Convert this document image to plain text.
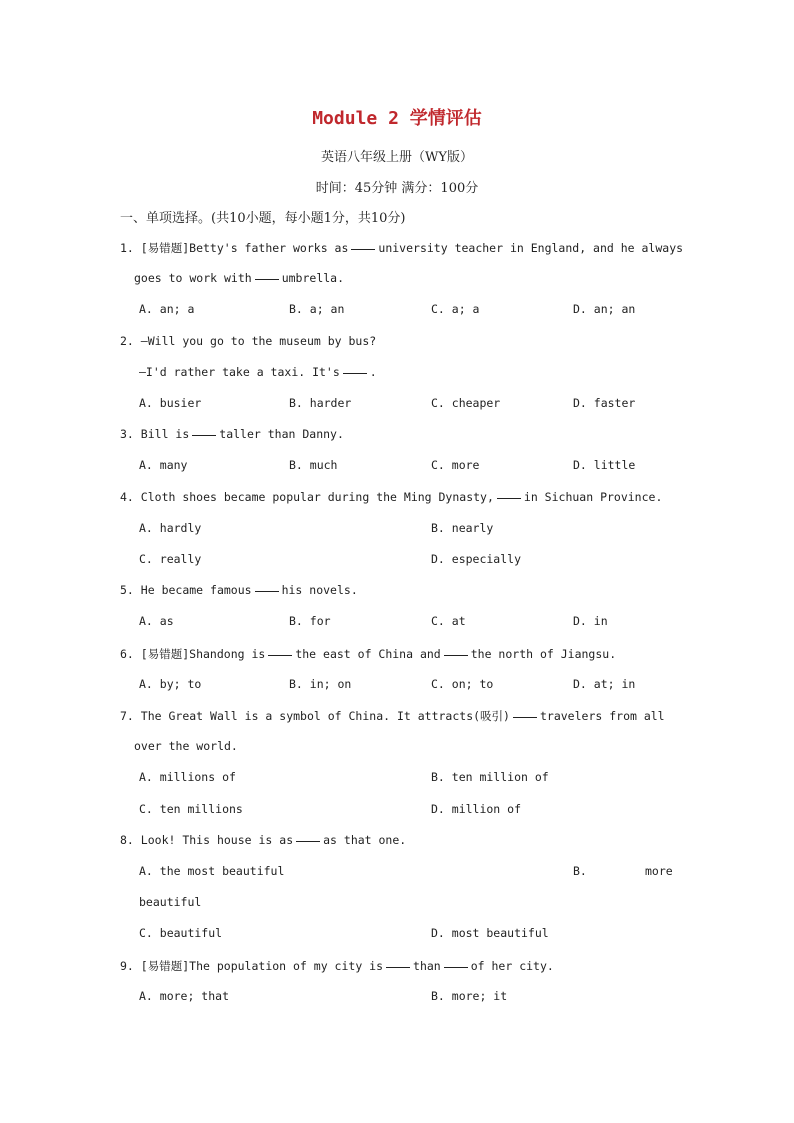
Module 2 学情评估
英语八年级上册（WY版）
时间：45分钟 满分：100分
一、单项选择。(共10小题，每小题1分，共10分)
1. [易错题]Betty's father works as	university teacher in England, and he always
goes to work with	umbrella.
A. an; a	B. a; an	C. a; a	D. an; an
2. —Will you go to the museum by bus?
—I'd rather take a taxi. It's	.
A. busier	B. harder	C. cheaper	D. faster
3. Bill is	taller than Danny.
A. many	B. much	C. more	D. little
4. Cloth shoes became popular during the Ming Dynasty,	in Sichuan Province.
A. hardly	B. nearly
C. really	D. especially
5. He became famous	his novels.
A. as	B. for	C. at	D. in
6. [易错题]Shandong is	the east of China and	the north of Jiangsu.
A. by; to	B. in; on	C. on; to	D. at; in
7. The Great Wall is a symbol of China. It attracts(吸引)	travelers from all
over the world.
A. millions of	B. ten million of
C. ten millions	D. million of
8. Look! This house is as	as that one.
A. the most beautiful	B.	more
beautiful
C. beautiful	D. most beautiful
9. [易错题]The population of my city is	than	of her city.
A. more; that	B. more; it
